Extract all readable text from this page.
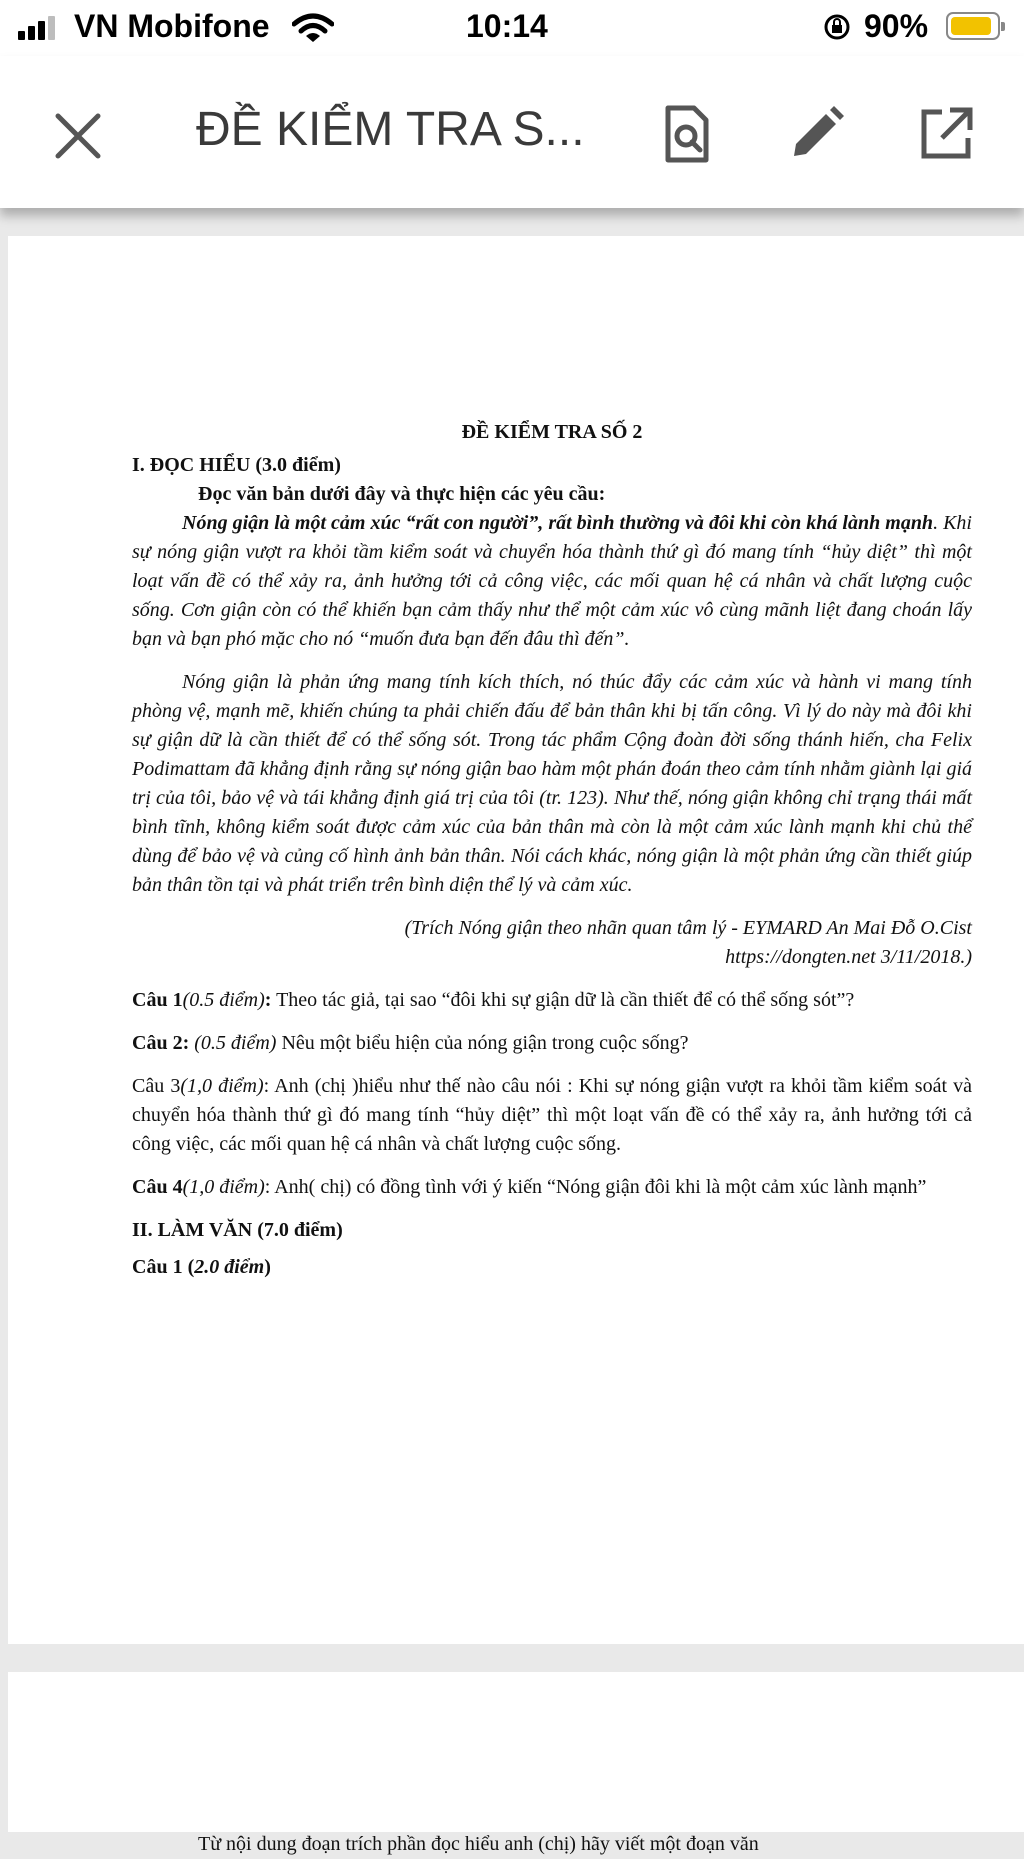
VN Mobifone	10:14	90%
ĐỀ KIỂM TRA S...

ĐỀ KIỂM TRA SỐ 2

I. ĐỌC HIỂU (3.0 điểm)

Đọc văn bản dưới đây và thực hiện các yêu cầu:

Nóng giận là một cảm xúc “rất con người”, rất bình thường và đôi khi còn khá lành mạnh. Khi sự nóng giận vượt ra khỏi tầm kiểm soát và chuyển hóa thành thứ gì đó mang tính “hủy diệt” thì một loạt vấn đề có thể xảy ra, ảnh hưởng tới cả công việc, các mối quan hệ cá nhân và chất lượng cuộc sống. Cơn giận còn có thể khiến bạn cảm thấy như thể một cảm xúc vô cùng mãnh liệt đang choán lấy bạn và bạn phó mặc cho nó “muốn đưa bạn đến đâu thì đến”.

Nóng giận là phản ứng mang tính kích thích, nó thúc đẩy các cảm xúc và hành vi mang tính phòng vệ, mạnh mẽ, khiến chúng ta phải chiến đấu để bản thân khi bị tấn công. Vì lý do này mà đôi khi sự giận dữ là cần thiết để có thể sống sót. Trong tác phẩm Cộng đoàn đời sống thánh hiến, cha Felix Podimattam đã khẳng định rằng sự nóng giận bao hàm một phán đoán theo cảm tính nhằm giành lại giá trị của tôi, bảo vệ và tái khẳng định giá trị của tôi (tr. 123). Như thế, nóng giận không chỉ trạng thái mất bình tĩnh, không kiểm soát được cảm xúc của bản thân mà còn là một cảm xúc lành mạnh khi chủ thể dùng để bảo vệ và củng cố hình ảnh bản thân. Nói cách khác, nóng giận là một phản ứng cần thiết giúp bản thân tồn tại và phát triển trên bình diện thể lý và cảm xúc.

(Trích Nóng giận theo nhãn quan tâm lý - EYMARD An Mai Đỗ O.Cist

https://dongten.net 3/11/2018.)

Câu 1(0.5 điểm): Theo tác giả, tại sao “đôi khi sự giận dữ là cần thiết để có thể sống sót”?

Câu 2: (0.5 điểm) Nêu một biểu hiện của nóng giận trong cuộc sống?

Câu 3(1,0 điểm): Anh (chị )hiểu như thế nào câu nói : Khi sự nóng giận vượt ra khỏi tầm kiểm soát và chuyển hóa thành thứ gì đó mang tính “hủy diệt” thì một loạt vấn đề có thể xảy ra, ảnh hưởng tới cả công việc, các mối quan hệ cá nhân và chất lượng cuộc sống.

Câu 4(1,0 điểm): Anh( chị) có đồng tình với ý kiến “Nóng giận đôi khi là một cảm xúc lành mạnh”

II. LÀM VĂN (7.0 điểm)

Câu 1 (2.0 điểm)

Từ nội dung đoạn trích phần đọc hiểu anh (chị) hãy viết một đoạn văn
